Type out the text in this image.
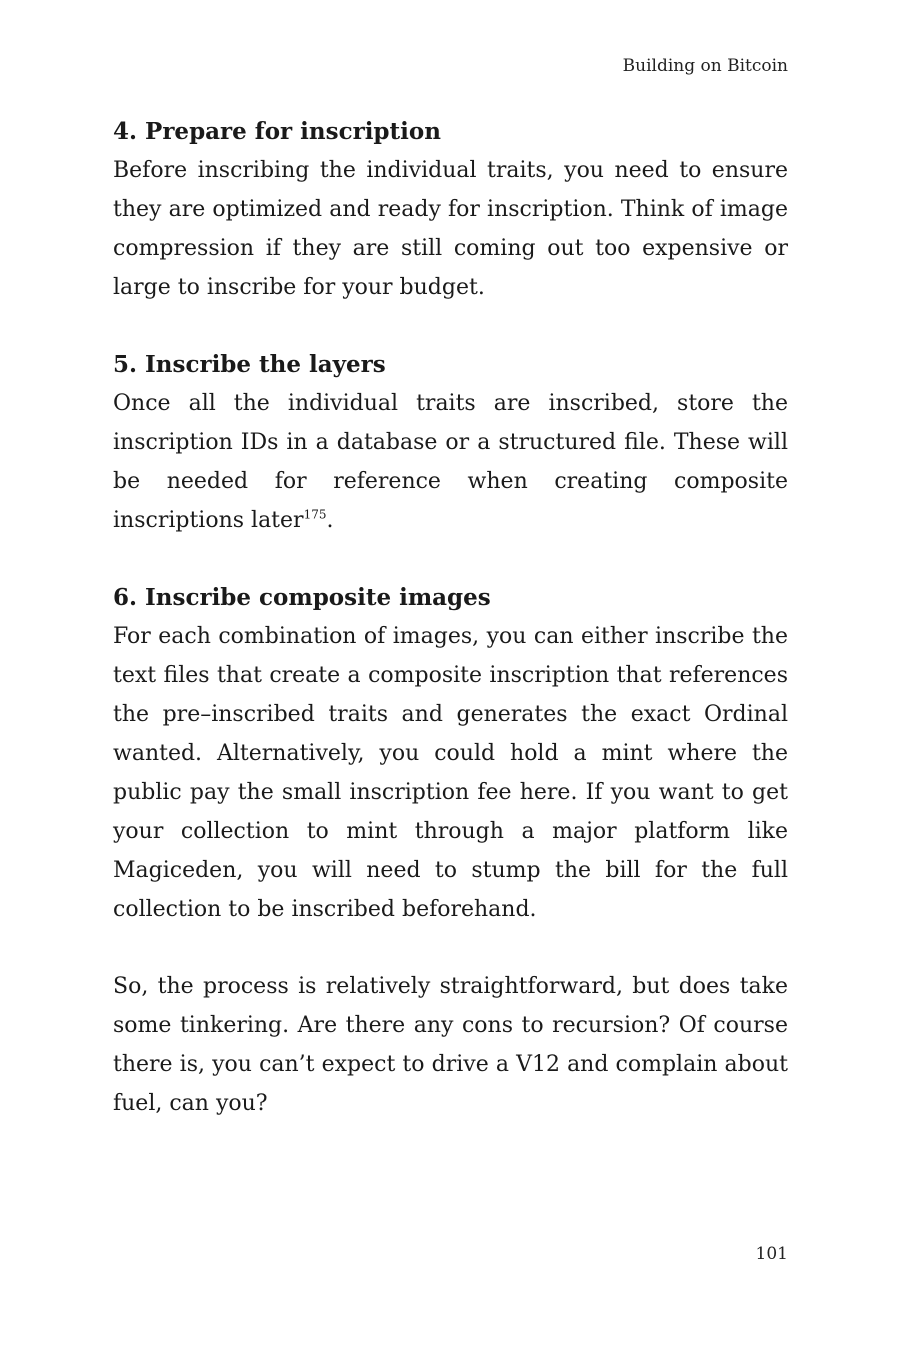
Building on Bitcoin
4. Prepare for inscription

Before inscribing the individual traits, you need to ensure they are optimized and ready for inscription. Think of image compression if they are still coming out too expensive or large to inscribe for your budget.

5. Inscribe the layers

Once all the individual traits are inscribed, store the inscription IDs in a database or a structured file. These will be needed for reference when creating composite inscriptions later$^{175}$.

6. Inscribe composite images

For each combination of images, you can either inscribe the text files that create a composite inscription that references the pre–inscribed traits and generates the exact Ordinal wanted. Alternatively, you could hold a mint where the public pay the small inscription fee here. If you want to get your collection to mint through a major platform like Magiceden, you will need to stump the bill for the full collection to be inscribed beforehand.

So, the process is relatively straightforward, but does take some tinkering. Are there any cons to recursion? Of course there is, you can’t expect to drive a V12 and complain about fuel, can you?

101
